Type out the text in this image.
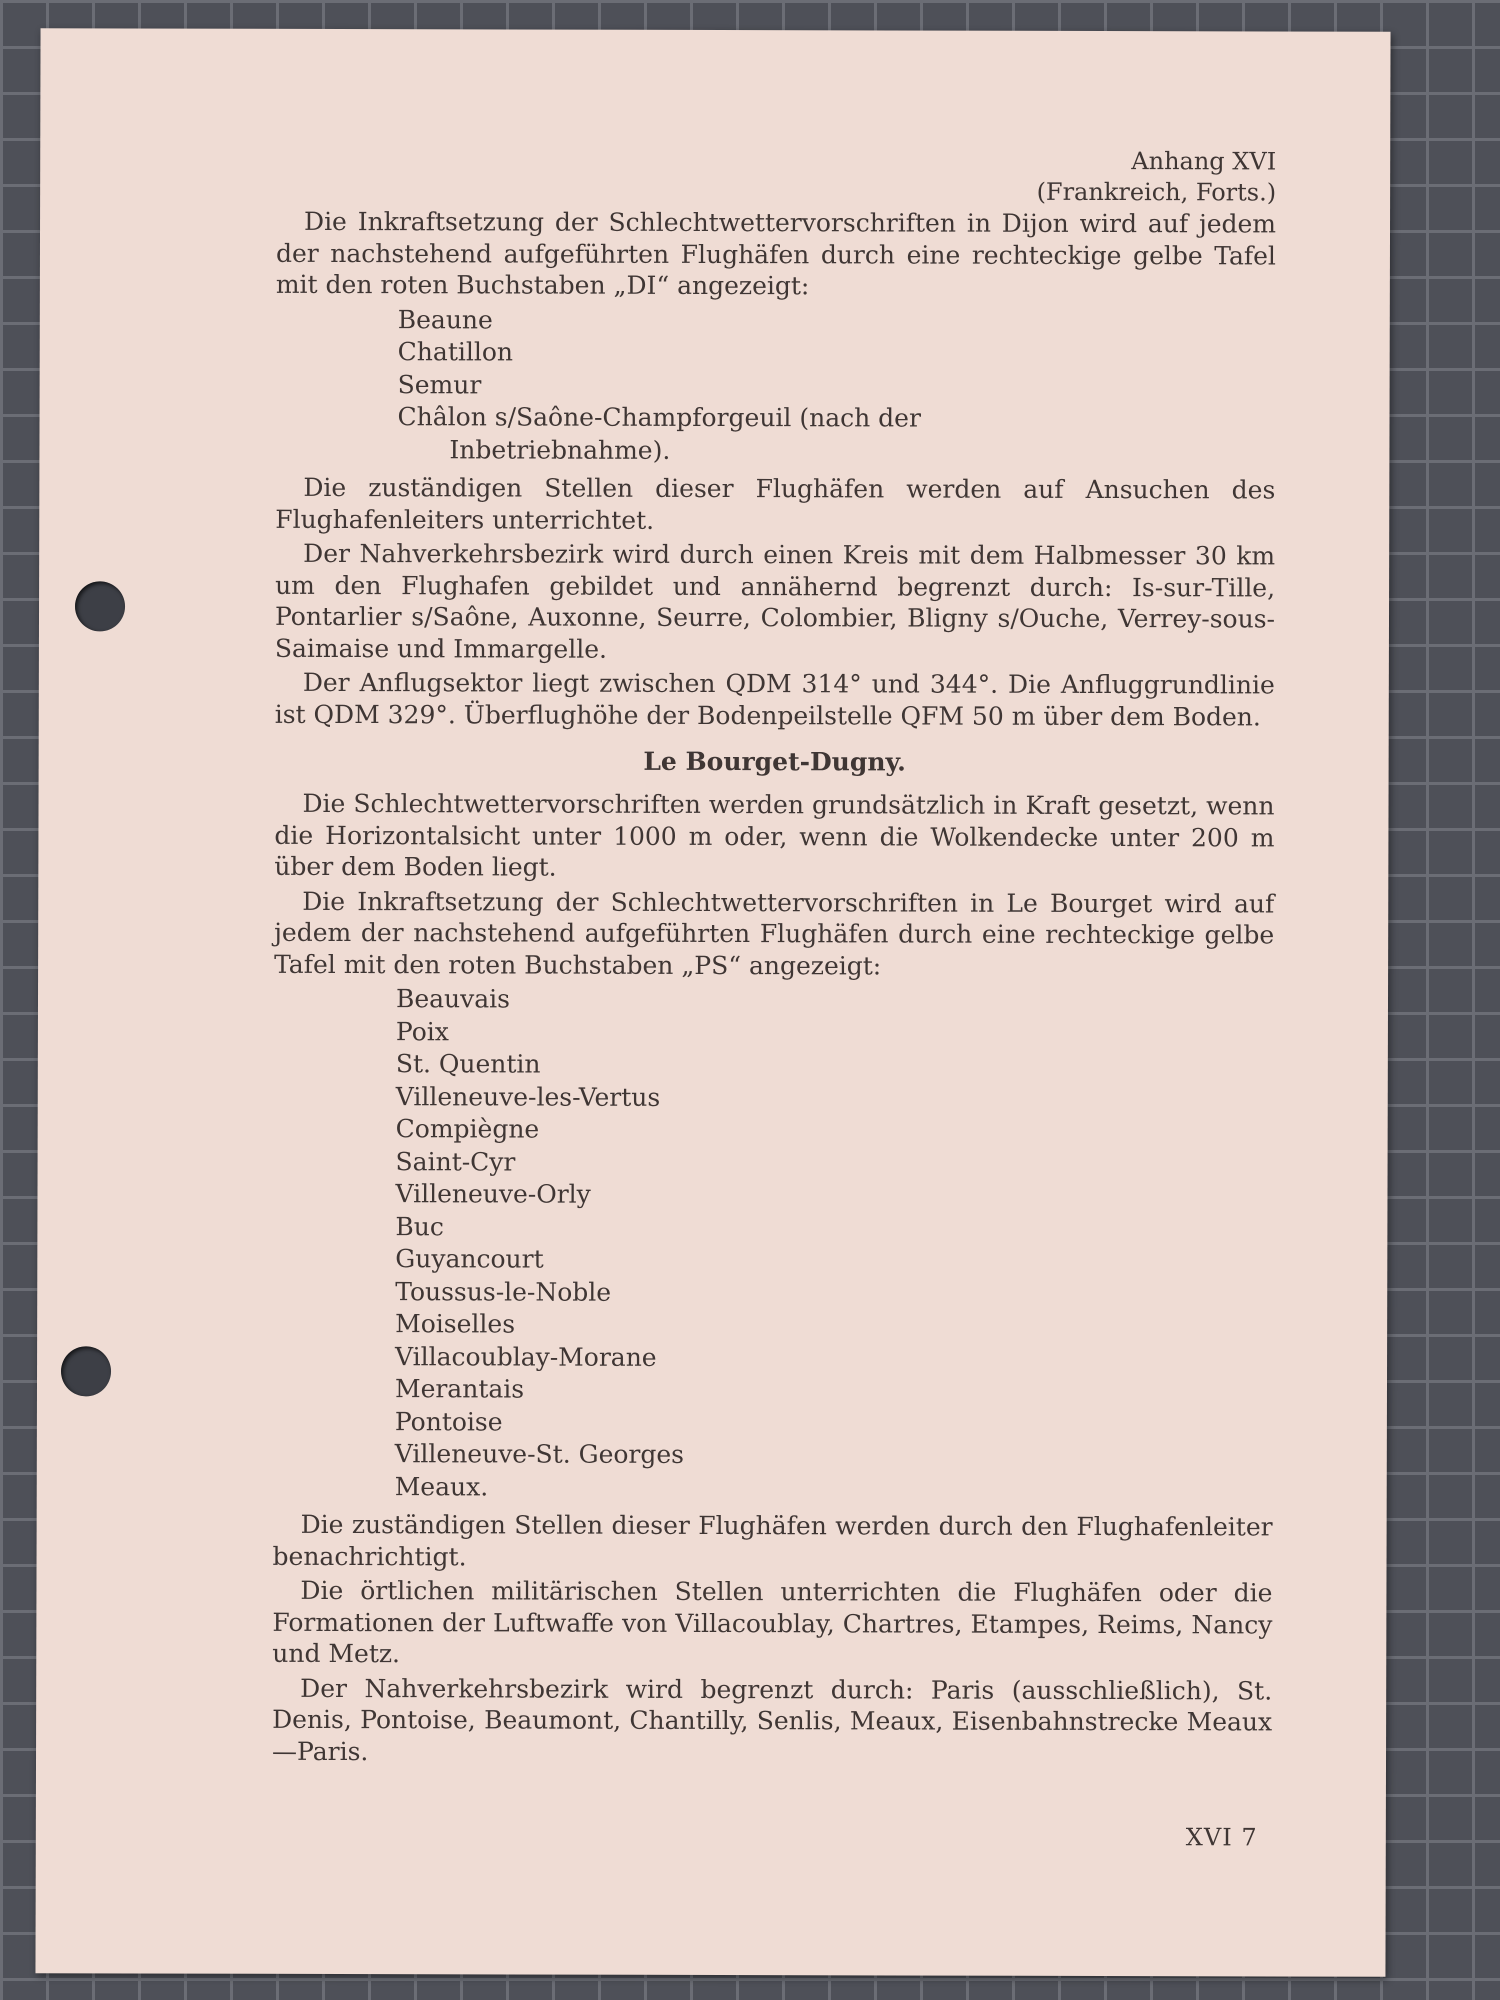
Anhang XVI
(Frankreich, Forts.)

Die Inkraftsetzung der Schlechtwettervorschriften in Dijon wird auf jedem der nachstehend aufgeführten Flughäfen durch eine rechteckige gelbe Tafel mit den roten Buchstaben „DI“ angezeigt:

Beaune
Chatillon
Semur
Châlon s/Saône-Champforgeuil (nach der
Inbetriebnahme).

Die zuständigen Stellen dieser Flughäfen werden auf Ansuchen des Flughafenleiters unterrichtet.

Der Nahverkehrsbezirk wird durch einen Kreis mit dem Halbmesser 30 km um den Flughafen gebildet und annähernd begrenzt durch: Is-sur-Tille, Pontarlier s/Saône, Auxonne, Seurre, Colombier, Bligny s/Ouche, Verrey-sous-Saimaise und Immargelle.

Der Anflugsektor liegt zwischen QDM 314° und 344°. Die Anfluggrundlinie ist QDM 329°. Überflughöhe der Bodenpeilstelle QFM 50 m über dem Boden.

Le Bourget-Dugny.

Die Schlechtwettervorschriften werden grundsätzlich in Kraft gesetzt, wenn die Horizontalsicht unter 1000 m oder, wenn die Wolkendecke unter 200 m über dem Boden liegt.

Die Inkraftsetzung der Schlechtwettervorschriften in Le Bourget wird auf jedem der nachstehend aufgeführten Flughäfen durch eine rechteckige gelbe Tafel mit den roten Buchstaben „PS“ angezeigt:

Beauvais
Poix
St. Quentin
Villeneuve-les-Vertus
Compiègne
Saint-Cyr
Villeneuve-Orly
Buc
Guyancourt
Toussus-le-Noble
Moiselles
Villacoublay-Morane
Merantais
Pontoise
Villeneuve-St. Georges
Meaux.

Die zuständigen Stellen dieser Flughäfen werden durch den Flughafenleiter benachrichtigt.

Die örtlichen militärischen Stellen unterrichten die Flughäfen oder die Formationen der Luftwaffe von Villacoublay, Chartres, Etampes, Reims, Nancy und Metz.

Der Nahverkehrsbezirk wird begrenzt durch: Paris (ausschließlich), St. Denis, Pontoise, Beaumont, Chantilly, Senlis, Meaux, Eisenbahnstrecke Meaux—Paris.

XVI 7
